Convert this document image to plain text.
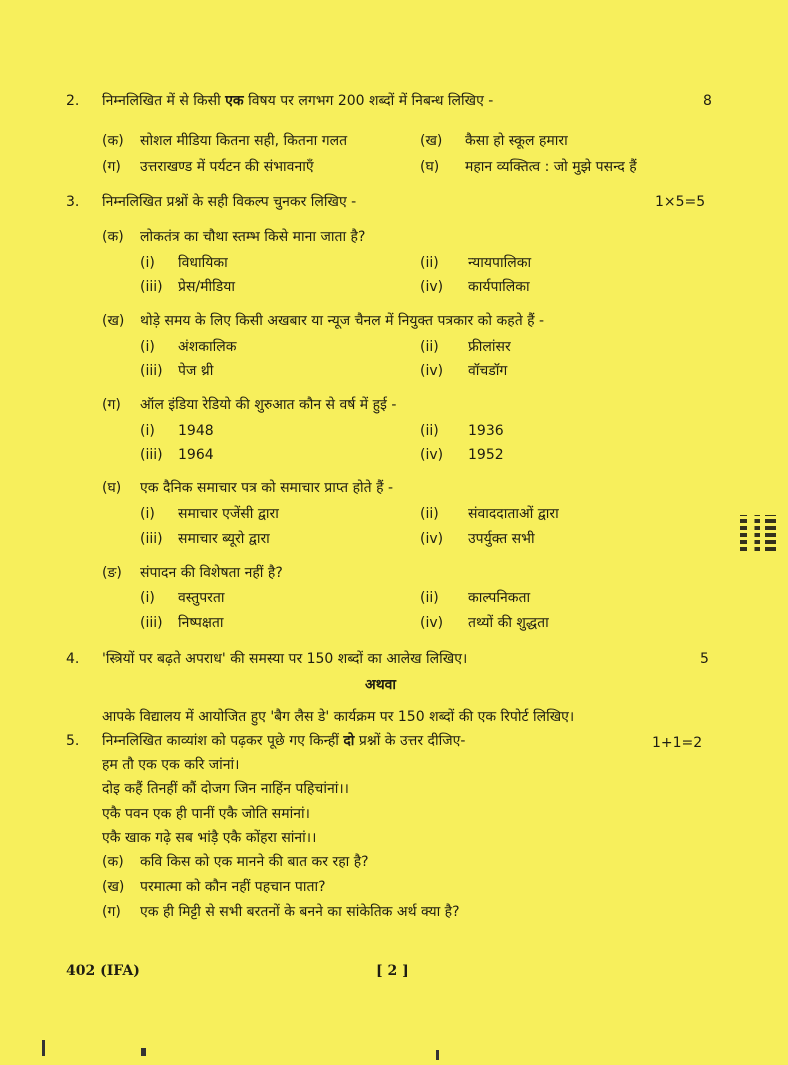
2. निम्नलिखित में से किसी एक विषय पर लगभग 200 शब्दों में निबन्ध लिखिए -	8
(क) सोशल मीडिया कितना सही, कितना गलत	(ख) कैसा हो स्कूल हमारा
(ग) उत्तराखण्ड में पर्यटन की संभावनाएँ	(घ) महान व्यक्तित्व : जो मुझे पसन्द हैं
3. निम्नलिखित प्रश्नों के सही विकल्प चुनकर लिखिए -	1×5=5
(क) लोकतंत्र का चौथा स्तम्भ किसे माना जाता है?
(i) विधायिका	(ii) न्यायपालिका
(iii) प्रेस/मीडिया	(iv) कार्यपालिका
(ख) थोड़े समय के लिए किसी अखबार या न्यूज चैनल में नियुक्त पत्रकार को कहते हैं -
(i) अंशकालिक	(ii) फ्रीलांसर
(iii) पेज थ्री	(iv) वॉचडॉग
(ग) ऑल इंडिया रेडियो की शुरुआत कौन से वर्ष में हुई -
(i) 1948	(ii) 1936
(iii) 1964	(iv) 1952
(घ) एक दैनिक समाचार पत्र को समाचार प्राप्त होते हैं -
(i) समाचार एजेंसी द्वारा	(ii) संवाददाताओं द्वारा
(iii) समाचार ब्यूरो द्वारा	(iv) उपर्युक्त सभी
(ङ) संपादन की विशेषता नहीं है?
(i) वस्तुपरता	(ii) काल्पनिकता
(iii) निष्पक्षता	(iv) तथ्यों की शुद्धता
4. 'स्त्रियों पर बढ़ते अपराध' की समस्या पर 150 शब्दों का आलेख लिखिए।	5
अथवा
आपके विद्यालय में आयोजित हुए 'बैग लैस डे' कार्यक्रम पर 150 शब्दों की एक रिपोर्ट लिखिए।
5. निम्नलिखित काव्यांश को पढ़कर पूछे गए किन्हीं दो प्रश्नों के उत्तर दीजिए-	1+1=2
हम तौ एक एक करि जांनां।
दोइ कहैं तिनहीं कौं दोजग जिन नाहिंन पहिचांनां।।
एकै पवन एक ही पानीं एकै जोति समांनां।
एकै खाक गढ़े सब भांड़ै एकै कोंहरा सांनां।।
(क) कवि किस को एक मानने की बात कर रहा है?
(ख) परमात्मा को कौन नहीं पहचान पाता?
(ग) एक ही मिट्टी से सभी बरतनों के बनने का सांकेतिक अर्थ क्या है?
402 (IFA)	[ 2 ]
